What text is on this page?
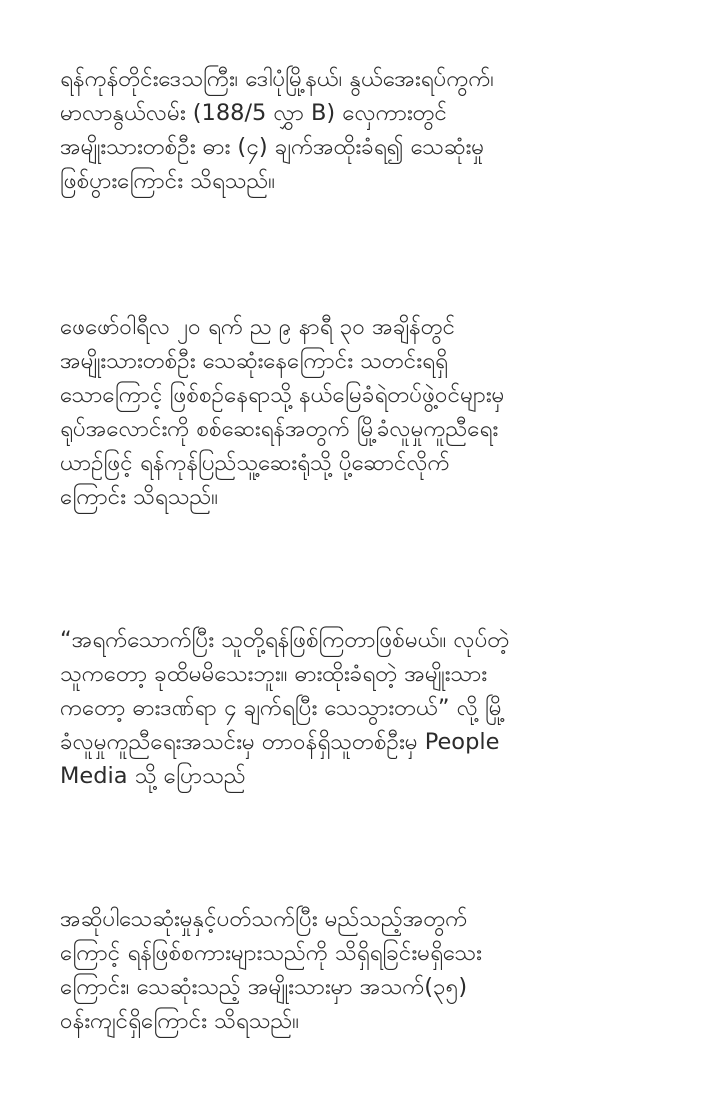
ရန်ကုန်တိုင်းဒေသကြီး၊ ဒေါပုံမြို့နယ်၊ နွယ်အေးရပ်ကွက်၊
မာလာနွယ်လမ်း (188/5 လွှာ B) လှေကားတွင်
အမျိုးသားတစ်ဦး ဓား (၄) ချက်အထိုးခံရ၍ သေဆုံးမှု
ဖြစ်ပွားကြောင်း သိရသည်။

ဖေဖော်ဝါရီလ ၂၀ ရက် ည ၉ နာရီ ၃၀ အချိန်တွင်
အမျိုးသားတစ်ဦး သေဆုံးနေကြောင်း သတင်းရရှိ
သောကြောင့် ဖြစ်စဉ်နေရာသို့ နယ်မြေခံရဲတပ်ဖွဲ့ဝင်များမှ
ရုပ်အလောင်းကို စစ်ဆေးရန်အတွက် မြို့ခံလူမှုကူညီရေး
ယာဉ်ဖြင့် ရန်ကုန်ပြည်သူ့ဆေးရုံသို့ ပို့ဆောင်လိုက်
ကြောင်း သိရသည်။

“အရက်သောက်ပြီး သူတို့ရန်ဖြစ်ကြတာဖြစ်မယ်။ လုပ်တဲ့
သူကတော့ ခုထိမမိသေးဘူး။ ဓားထိုးခံရတဲ့ အမျိုးသား
ကတော့ ဓားဒဏ်ရာ ၄ ချက်ရပြီး သေသွားတယ်” လို့ မြို့
ခံလူမှုကူညီရေးအသင်းမှ တာဝန်ရှိသူတစ်ဦးမှ People
Media သို့ ပြောသည်

အဆိုပါသေဆုံးမှုနှင့်ပတ်သက်ပြီး မည်သည့်အတွက်
ကြောင့် ရန်ဖြစ်စကားများသည်ကို သိရှိရခြင်းမရှိသေး
ကြောင်း၊ သေဆုံးသည့် အမျိုးသားမှာ အသက်(၃၅)
ဝန်းကျင်ရှိကြောင်း သိရသည်။
